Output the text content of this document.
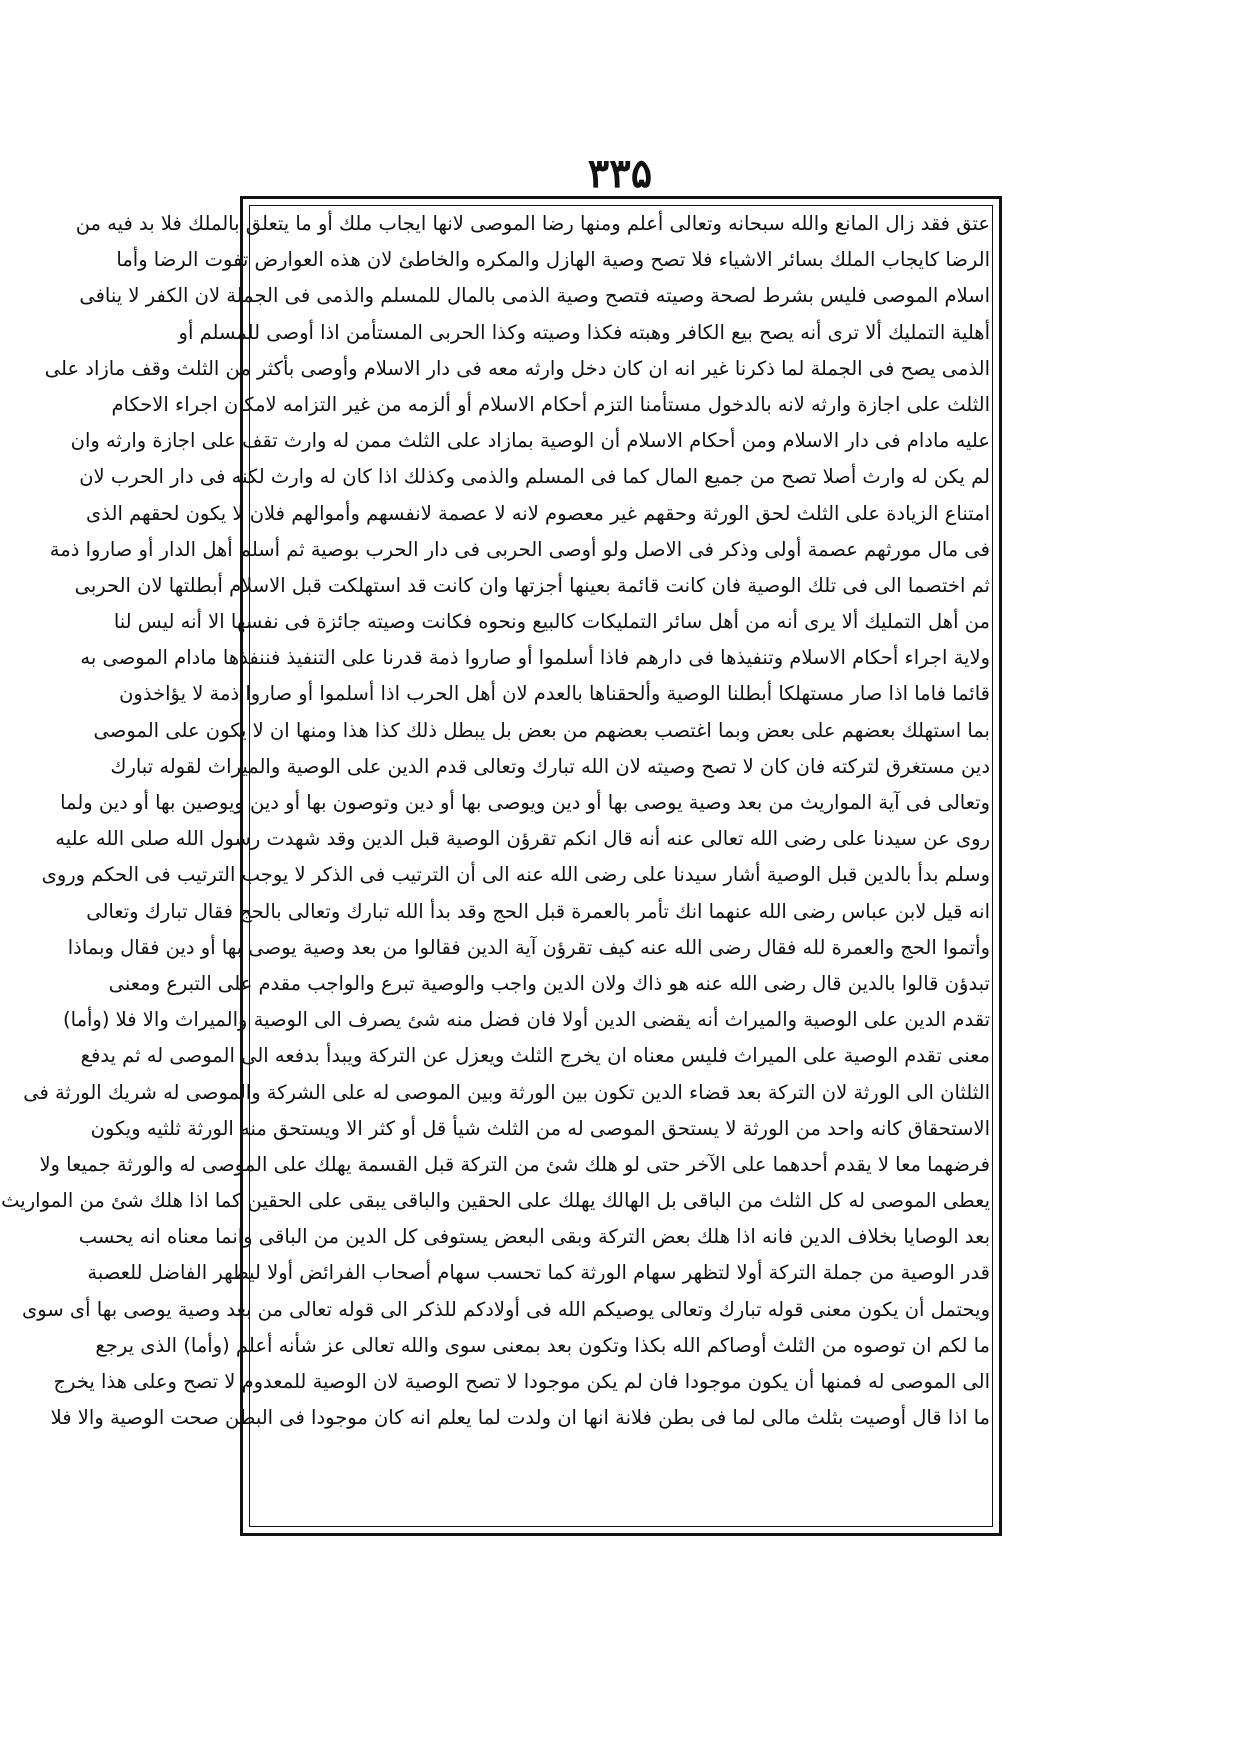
۳۳۵
عتق فقد زال المانع والله سبحانه وتعالى أعلم ومنها رضا الموصى لانها ايجاب ملك أو ما يتعلق بالملك فلا بد فيه من
الرضا كايجاب الملك بسائر الاشياء فلا تصح وصية الهازل والمكره والخاطئ لان هذه العوارض تفوت الرضا وأما
اسلام الموصى فليس بشرط لصحة وصيته فتصح وصية الذمى بالمال للمسلم والذمى فى الجملة لان الكفر لا ينافى
أهلية التمليك ألا ترى أنه يصح بيع الكافر وهبته فكذا وصيته وكذا الحربى المستأمن اذا أوصى للمسلم أو
الذمى يصح فى الجملة لما ذكرنا غير انه ان كان دخل وارثه معه فى دار الاسلام وأوصى بأكثر من الثلث وقف مازاد على
الثلث على اجازة وارثه لانه بالدخول مستأمنا التزم أحكام الاسلام أو ألزمه من غير التزامه لامكان اجراء الاحكام
عليه مادام فى دار الاسلام ومن أحكام الاسلام أن الوصية بمازاد على الثلث ممن له وارث تقف على اجازة وارثه وان
لم يكن له وارث أصلا تصح من جميع المال كما فى المسلم والذمى وكذلك اذا كان له وارث لكنه فى دار الحرب لان
امتناع الزيادة على الثلث لحق الورثة وحقهم غير معصوم لانه لا عصمة لانفسهم وأموالهم فلان لا يكون لحقهم الذى
فى مال مورثهم عصمة أولى وذكر فى الاصل ولو أوصى الحربى فى دار الحرب بوصية ثم أسلم أهل الدار أو صاروا ذمة
ثم اختصما الى فى تلك الوصية فان كانت قائمة بعينها أجزتها وان كانت قد استهلكت قبل الاسلام أبطلتها لان الحربى
من أهل التمليك ألا يرى أنه من أهل سائر التمليكات كالبيع ونحوه فكانت وصيته جائزة فى نفسها الا أنه ليس لنا
ولاية اجراء أحكام الاسلام وتنفيذها فى دارهم فاذا أسلموا أو صاروا ذمة قدرنا على التنفيذ فننفذها مادام الموصى به
قائما فاما اذا صار مستهلكا أبطلنا الوصية وألحقناها بالعدم لان أهل الحرب اذا أسلموا أو صاروا ذمة لا يؤاخذون
بما استهلك بعضهم على بعض وبما اغتصب بعضهم من بعض بل يبطل ذلك كذا هذا ومنها ان لا يكون على الموصى
دين مستغرق لتركته فان كان لا تصح وصيته لان الله تبارك وتعالى قدم الدين على الوصية والميراث لقوله تبارك
وتعالى فى آية المواريث من بعد وصية يوصى بها أو دين ويوصى بها أو دين وتوصون بها أو دين ويوصين بها أو دين ولما
روى عن سيدنا على رضى الله تعالى عنه أنه قال انكم تقرؤن الوصية قبل الدين وقد شهدت رسول الله صلى الله عليه
وسلم بدأ بالدين قبل الوصية أشار سيدنا على رضى الله عنه الى أن الترتيب فى الذكر لا يوجب الترتيب فى الحكم وروى
انه قيل لابن عباس رضى الله عنهما انك تأمر بالعمرة قبل الحج وقد بدأ الله تبارك وتعالى بالحج فقال تبارك وتعالى
وأتموا الحج والعمرة لله فقال رضى الله عنه كيف تقرؤن آية الدين فقالوا من بعد وصية يوصى بها أو دين فقال وبماذا
تبدؤن قالوا بالدين قال رضى الله عنه هو ذاك ولان الدين واجب والوصية تبرع والواجب مقدم على التبرع ومعنى
تقدم الدين على الوصية والميراث أنه يقضى الدين أولا فان فضل منه شئ يصرف الى الوصية والميراث والا فلا (وأما)
معنى تقدم الوصية على الميراث فليس معناه ان يخرج الثلث ويعزل عن التركة ويبدأ بدفعه الى الموصى له ثم يدفع
الثلثان الى الورثة لان التركة بعد قضاء الدين تكون بين الورثة وبين الموصى له على الشركة والموصى له شريك الورثة فى
الاستحقاق كانه واحد من الورثة لا يستحق الموصى له من الثلث شيأ قل أو كثر الا ويستحق منه الورثة ثلثيه ويكون
فرضهما معا لا يقدم أحدهما على الآخر حتى لو هلك شئ من التركة قبل القسمة يهلك على الموصى له والورثة جميعا ولا
يعطى الموصى له كل الثلث من الباقى بل الهالك يهلك على الحقين والباقى يبقى على الحقين كما اذا هلك شئ من المواريث
بعد الوصايا بخلاف الدين فانه اذا هلك بعض التركة وبقى البعض يستوفى كل الدين من الباقى وانما معناه انه يحسب
قدر الوصية من جملة التركة أولا لتظهر سهام الورثة كما تحسب سهام أصحاب الفرائض أولا ليظهر الفاضل للعصبة
ويحتمل أن يكون معنى قوله تبارك وتعالى يوصيكم الله فى أولادكم للذكر الى قوله تعالى من بعد وصية يوصى بها أى سوى
ما لكم ان توصوه من الثلث أوصاكم الله بكذا وتكون بعد بمعنى سوى والله تعالى عز شأنه أعلم (وأما) الذى يرجع
الى الموصى له فمنها أن يكون موجودا فان لم يكن موجودا لا تصح الوصية لان الوصية للمعدوم لا تصح وعلى هذا يخرج
ما اذا قال أوصيت بثلث مالى لما فى بطن فلانة انها ان ولدت لما يعلم انه كان موجودا فى البطن صحت الوصية والا فلا
